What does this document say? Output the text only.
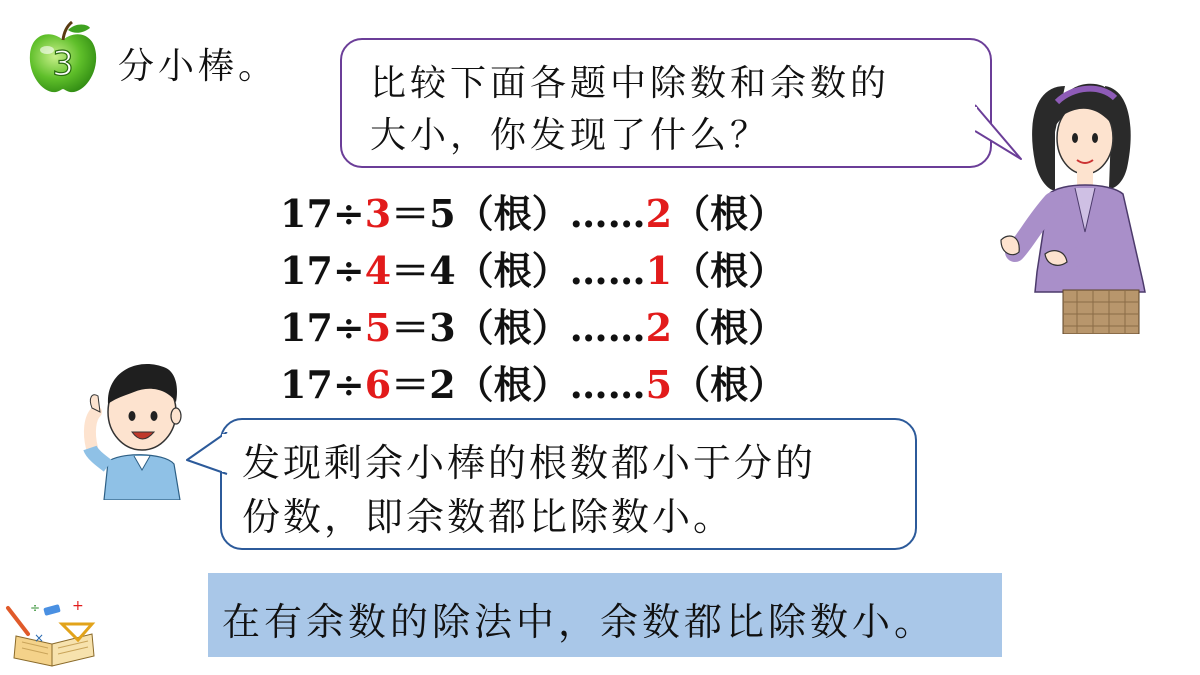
3 分小棒。	比较下面各题中除数和余数的
大小，你发现了什么？
17÷3＝5（根）……2（根）
17÷4＝4（根）……1（根）
17÷5＝3（根）……2（根）
17÷6＝2（根）……5（根）
发现剩余小棒的根数都小于分的
份数，即余数都比除数小。
在有余数的除法中，余数都比除数小。
+
÷
×
